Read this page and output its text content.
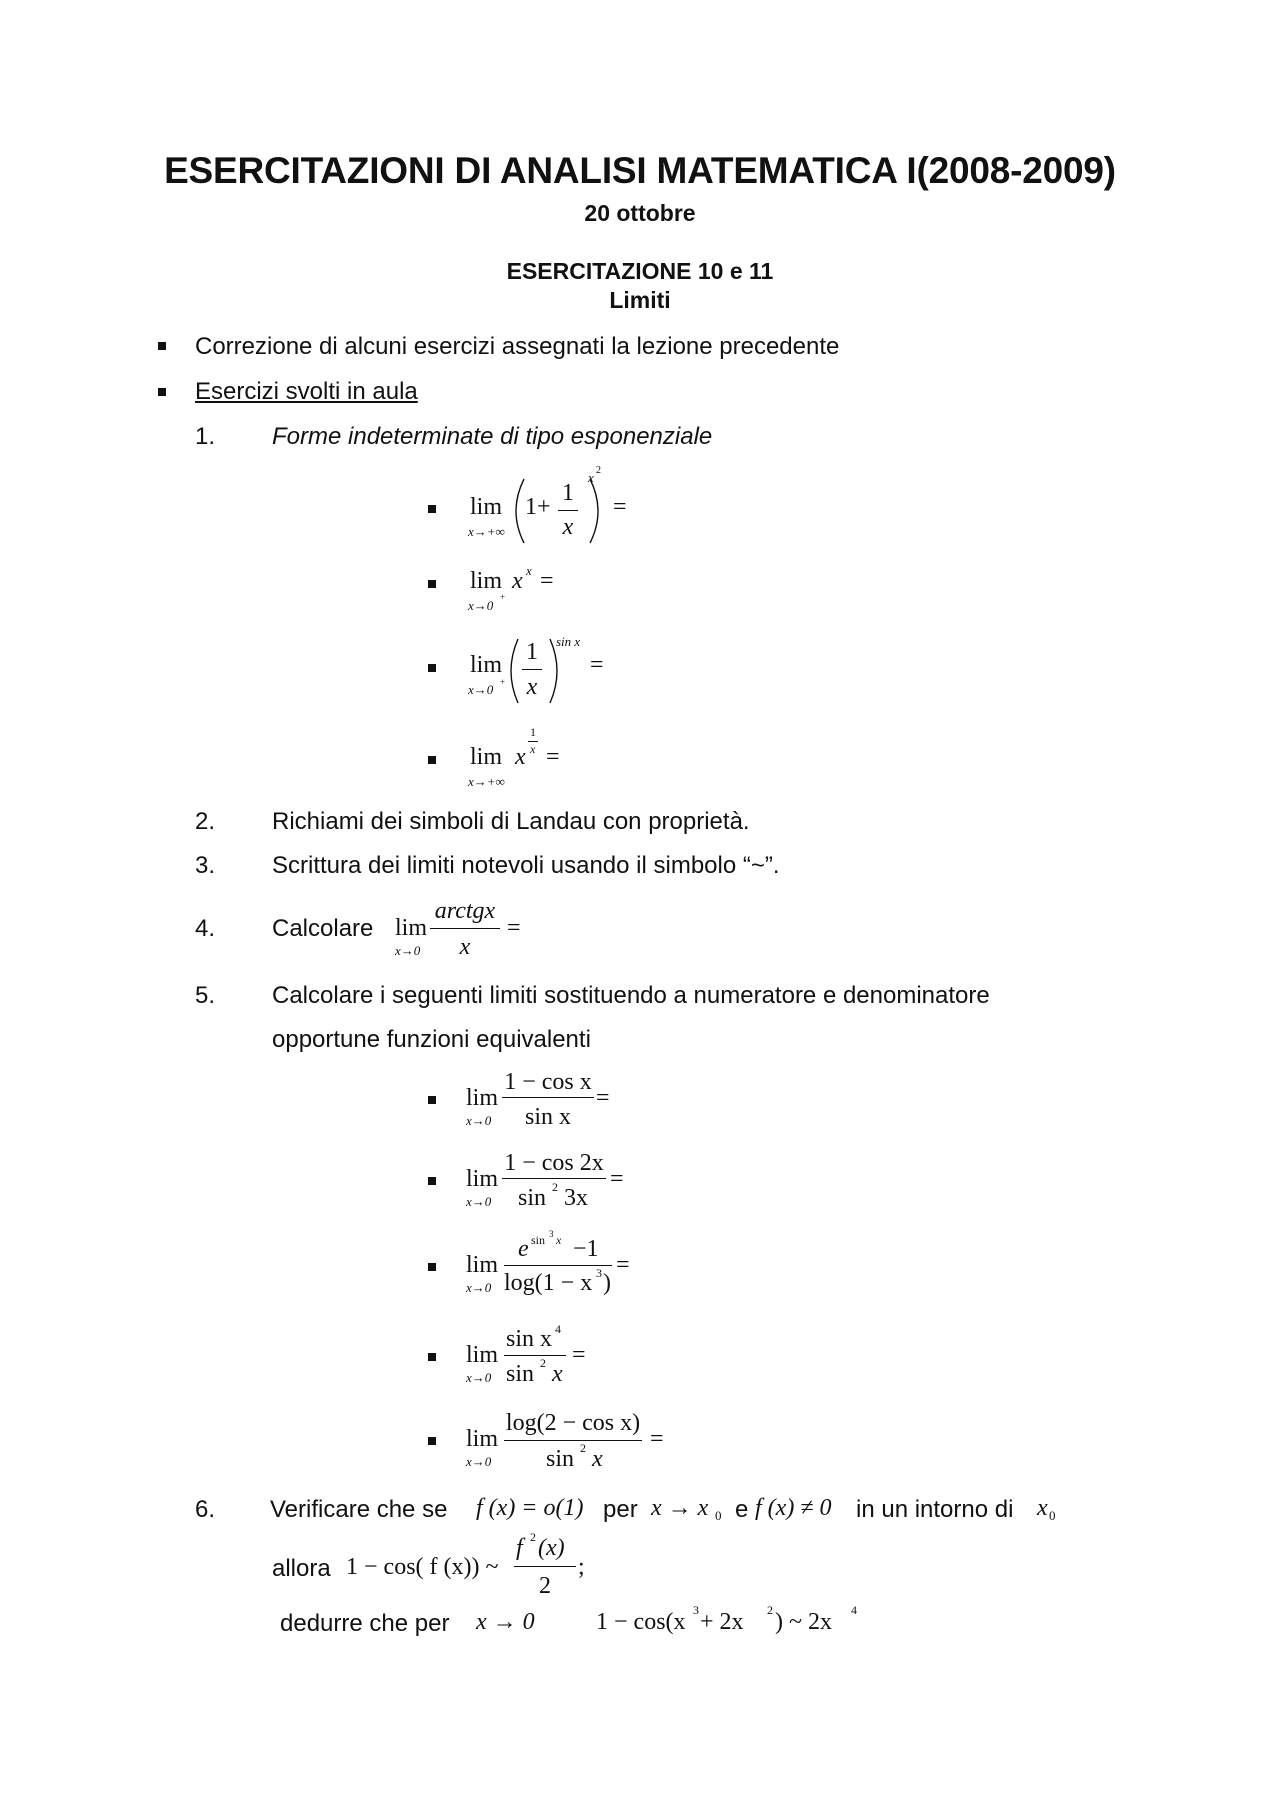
ESERCITAZIONI DI ANALISI MATEMATICA I(2008-2009)
20 ottobre
ESERCITAZIONE 10 e 11
Limiti
Correzione di alcuni esercizi assegnati la lezione precedente
Esercizi svolti in aula
1. Forme indeterminate di tipo esponenziale
lim
x→+∞
1+
1
x
x 2
=
lim
x→0
+
x x =
lim
x→0 +
1
x
sin x
=
lim
x→+∞
x
1
x =
2. Richiami dei simboli di Landau con proprietà.
3. Scrittura dei limiti notevoli usando il simbolo “~”.
4. Calcolare lim
x→0
arctgx
x
=
5. Calcolare i seguenti limiti sostituendo a numeratore e denominatore
opportune funzioni equivalenti
lim
x→0
1 − cos x
sin x
=
lim
x→0
1 − cos 2x
sin 2 3x
=
lim
x→0
e sin 3 x −1
log(1 − x 3 )
=
lim
x→0
sin x 4
sin 2 x
=
lim
x→0
log(2 − cos x)
sin 2 x
=
6. Verificare che se f (x) = o(1) per x → x 0 e f (x) ≠ 0 in un intorno di x 0
allora 1 − cos( f (x)) ~
f 2 (x)
2
;
dedurre che per x → 0	1 − cos(x 3 + 2x 2 ) ~ 2x 4
